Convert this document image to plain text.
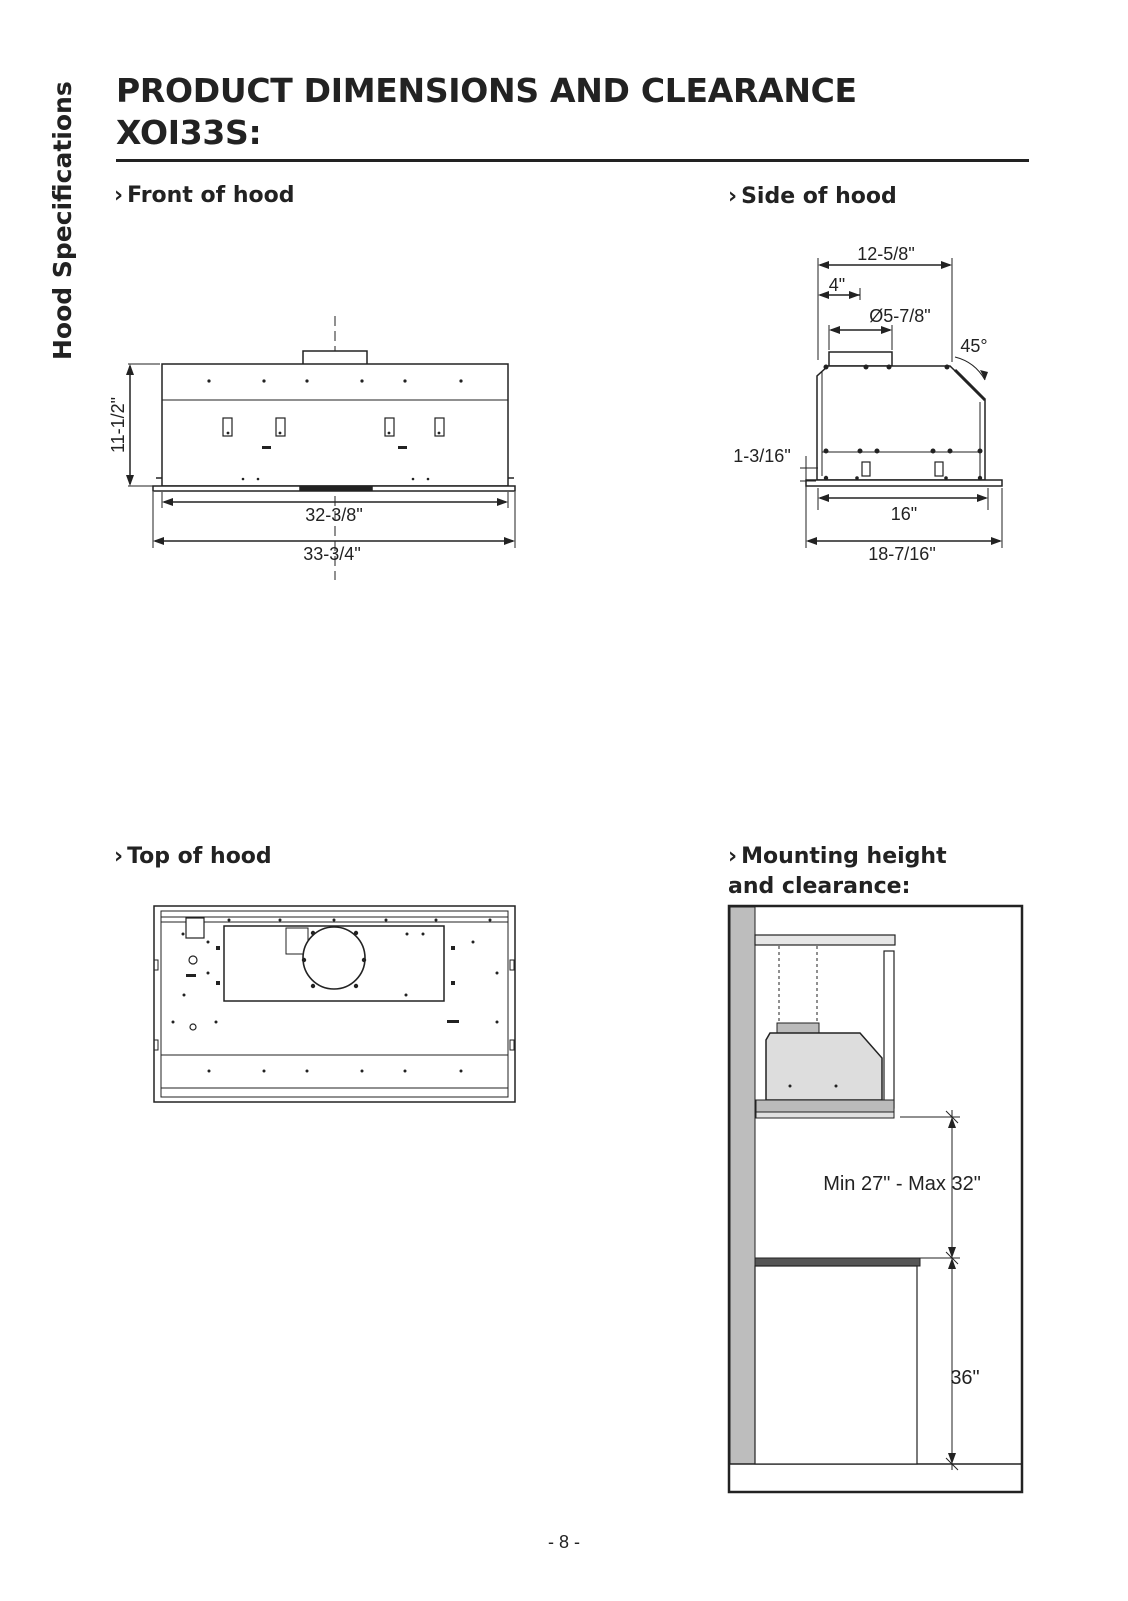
Hood Specifications PRODUCT DIMENSIONS AND CLEARANCE
XOI33S:
› Front of hood	› Side of hood
› Top of hood	› Mounting height
and clearance:
11-1/2"
32-3/8"
33-3/4"
12-5/8"
4"
Ø5-7/8"
45°
1-3/16"
16"
18-7/16"
Min 27" - Max 32"
36"
- 8 -
